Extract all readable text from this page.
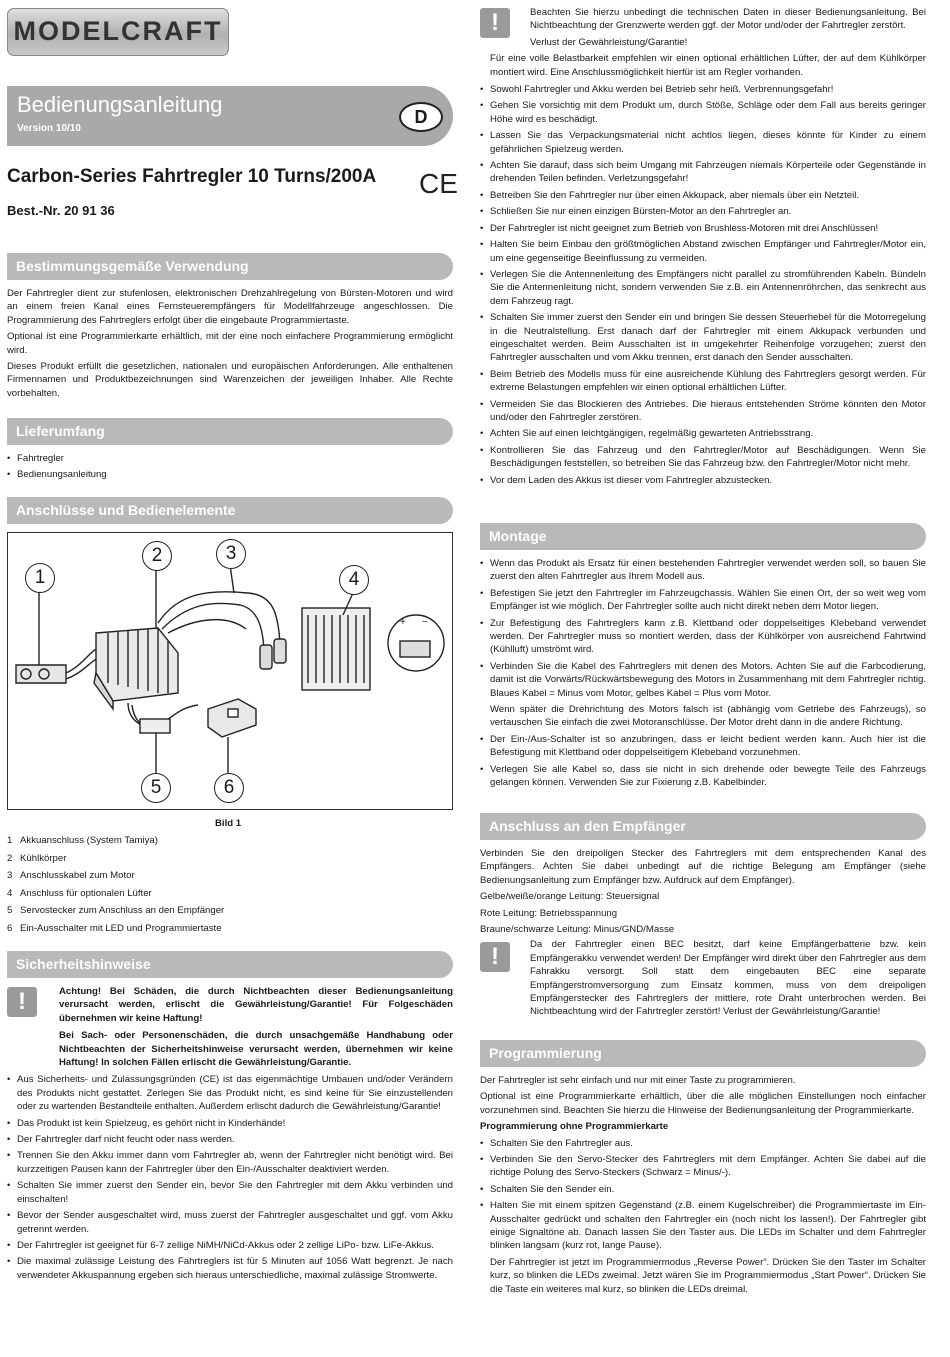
MODELCRAFT
Bedienungsanleitung
Version 10/10
D
Carbon-Series Fahrtregler 10 Turns/200A CE
Best.-Nr. 20 91 36
Bestimmungsgemäße Verwendung

Der Fahrtregler dient zur stufenlosen, elektronischen Drehzahlregelung von Bürsten-Motoren und wird an einem freien Kanal eines Fernsteuerempfängers für Modellfahrzeuge angeschlossen. Die Programmierung des Fahrtreglers erfolgt über die eingebaute Programmiertaste.

Optional ist eine Programmierkarte erhältlich, mit der eine noch einfachere Programmierung ermöglicht wird.

Dieses Produkt erfüllt die gesetzlichen, nationalen und europäischen Anforderungen. Alle enthaltenen Firmennamen und Produktbezeichnungen sind Warenzeichen der jeweiligen Inhaber. Alle Rechte vorbehalten.

Lieferumfang
• Fahrtregler
• Bedienungsanleitung
Anschlüsse und Bedienelemente
+ −
1
2	3
4
5	6
Bild 1
1 Akkuanschluss (System Tamiya)
2 Kühlkörper
3 Anschlusskabel zum Motor
4 Anschluss für optionalen Lüfter
5 Servostecker zum Anschluss an den Empfänger
6 Ein-Ausschalter mit LED und Programmiertaste
Sicherheitshinweise
!	Achtung! Bei Schäden, die durch Nichtbeachten dieser Bedienungsanleitung verursacht werden, erlischt die Gewährleistung/Garantie! Für Folgeschäden übernehmen wir keine Haftung!

Bei Sach- oder Personenschäden, die durch unsachgemäße Handhabung oder Nichtbeachten der Sicherheitshinweise verursacht werden, übernehmen wir keine Haftung! In solchen Fällen erlischt die Gewährleistung/Garantie.

• Aus Sicherheits- und Zulassungsgründen (CE) ist das eigenmächtige Umbauen und/oder Verändern des Produkts nicht gestattet. Zerlegen Sie das Produkt nicht, es sind keine für Sie einzustellenden oder zu wartenden Bestandteile enthalten. Außerdem erlischt dadurch die Gewährleistung/Garantie!
• Das Produkt ist kein Spielzeug, es gehört nicht in Kinderhände!
• Der Fahrtregler darf nicht feucht oder nass werden.
• Trennen Sie den Akku immer dann vom Fahrtregler ab, wenn der Fahrtregler nicht benötigt wird. Bei kurzzeitigen Pausen kann der Fahrtregler über den Ein-/Ausschalter deaktiviert werden.
• Schalten Sie immer zuerst den Sender ein, bevor Sie den Fahrtregler mit dem Akku verbinden und einschalten!
• Bevor der Sender ausgeschaltet wird, muss zuerst der Fahrtregler ausgeschaltet und ggf. vom Akku getrennt werden.
• Der Fahrtregler ist geeignet für 6-7 zellige NiMH/NiCd-Akkus oder 2 zellige LiPo- bzw. LiFe-Akkus.
• Die maximal zulässige Leistung des Fahrtreglers ist für 5 Minuten auf 1056 Watt begrenzt. Je nach verwendeter Akkuspannung ergeben sich hieraus unterschiedliche, maximal zulässige Stromwerte.
!	Beachten Sie hierzu unbedingt die technischen Daten in dieser Bedienungsanleitung. Bei Nichtbeachtung der Grenzwerte werden ggf. der Motor und/oder der Fahrtregler zerstört.

Verlust der Gewährleistung/Garantie!

Für eine volle Belastbarkeit empfehlen wir einen optional erhältlichen Lüfter, der auf dem Kühlkörper montiert wird. Eine Anschlussmöglichkeit hierfür ist am Regler vorhanden.

• Sowohl Fahrtregler und Akku werden bei Betrieb sehr heiß. Verbrennungsgefahr!
• Gehen Sie vorsichtig mit dem Produkt um, durch Stöße, Schläge oder dem Fall aus bereits geringer Höhe wird es beschädigt.
• Lassen Sie das Verpackungsmaterial nicht achtlos liegen, dieses könnte für Kinder zu einem gefährlichen Spielzeug werden.
• Achten Sie darauf, dass sich beim Umgang mit Fahrzeugen niemals Körperteile oder Gegenstände in drehenden Teilen befinden. Verletzungsgefahr!
• Betreiben Sie den Fahrtregler nur über einen Akkupack, aber niemals über ein Netzteil.
• Schließen Sie nur einen einzigen Bürsten-Motor an den Fahrtregler an.
• Der Fahrtregler ist nicht geeignet zum Betrieb von Brushless-Motoren mit drei Anschlüssen!
• Halten Sie beim Einbau den größtmöglichen Abstand zwischen Empfänger und Fahrtregler/Motor ein, um eine gegenseitige Beeinflussung zu vermeiden.
• Verlegen Sie die Antennenleitung des Empfängers nicht parallel zu stromführenden Kabeln. Bündeln Sie die Antennenleitung nicht, sondern verwenden Sie z.B. ein Antennenröhrchen, das senkrecht aus dem Fahrzeug ragt.
• Schalten Sie immer zuerst den Sender ein und bringen Sie dessen Steuerhebel für die Motorregelung in die Neutralstellung. Erst danach darf der Fahrtregler mit einem Akkupack verbunden und eingeschaltet werden. Beim Ausschalten ist in umgekehrter Reihenfolge vorzugehen; zuerst den Fahrtregler ausschalten und vom Akku trennen, erst danach den Sender ausschalten.
• Beim Betrieb des Modells muss für eine ausreichende Kühlung des Fahrtreglers gesorgt werden. Für extreme Belastungen empfehlen wir einen optional erhältlichen Lüfter.
• Vermeiden Sie das Blockieren des Antriebes. Die hieraus entstehenden Ströme könnten den Motor und/oder den Fahrtregler zerstören.
• Achten Sie auf einen leichtgängigen, regelmäßig gewarteten Antriebsstrang.
• Kontrollieren Sie das Fahrzeug und den Fahrtregler/Motor auf Beschädigungen. Wenn Sie Beschädigungen feststellen, so betreiben Sie das Fahrzeug bzw. den Fahrtregler/Motor nicht mehr.
• Vor dem Laden des Akkus ist dieser vom Fahrtregler abzustecken.
Montage
• Wenn das Produkt als Ersatz für einen bestehenden Fahrtregler verwendet werden soll, so bauen Sie zuerst den alten Fahrtregler aus Ihrem Modell aus.
• Befestigen Sie jetzt den Fahrtregler im Fahrzeugchassis. Wählen Sie einen Ort, der so weit weg vom Empfänger ist wie möglich. Der Fahrtregler sollte auch nicht direkt neben dem Motor liegen.
• Zur Befestigung des Fahrtreglers kann z.B. Klettband oder doppelseitiges Klebeband verwendet werden. Der Fahrtregler muss so montiert werden, dass der Kühlkörper von ausreichend Fahrtwind (Kühlluft) umströmt wird.
• Verbinden Sie die Kabel des Fahrtreglers mit denen des Motors. Achten Sie auf die Farbcodierung, damit ist die Vorwärts/Rückwärtsbewegung des Motors in Zusammenhang mit dem Fahrtregler richtig. Blaues Kabel = Minus vom Motor, gelbes Kabel = Plus vom Motor.

Wenn später die Drehrichtung des Motors falsch ist (abhängig vom Getriebe des Fahrzeugs), so vertauschen Sie einfach die zwei Motoranschlüsse. Der Motor dreht dann in die andere Richtung.

• Der Ein-/Aus-Schalter ist so anzubringen, dass er leicht bedient werden kann. Auch hier ist die Befestigung mit Klettband oder doppelseitigem Klebeband vorzunehmen.
• Verlegen Sie alle Kabel so, dass sie nicht in sich drehende oder bewegte Teile des Fahrzeugs gelangen können. Verwenden Sie zur Fixierung z.B. Kabelbinder.
Anschluss an den Empfänger

Verbinden Sie den dreipoligen Stecker des Fahrtreglers mit dem entsprechenden Kanal des Empfängers. Achten Sie dabei unbedingt auf die richtige Belegung am Empfänger (siehe Bedienungsanleitung zum Empfänger bzw. Aufdruck auf dem Empfänger).

Gelbe/weiße/orange Leitung: Steuersignal

Rote Leitung: Betriebsspannung

Braune/schwarze Leitung: Minus/GND/Masse

!	Da der Fahrtregler einen BEC besitzt, darf keine Empfängerbatterie bzw. kein Empfängerakku verwendet werden! Der Empfänger wird direkt über den Fahrtregler aus dem Fahrakku versorgt. Soll statt dem eingebauten BEC eine separate Empfängerstromversorgung zum Einsatz kommen, muss von dem dreipoligen Empfängerstecker des Fahrtreglers der mittlere, rote Draht unterbrochen werden. Bei Nichtbeachtung wird der Fahrtregler zerstört! Verlust der Gewährleistung/Garantie!

Programmierung

Der Fahrtregler ist sehr einfach und nur mit einer Taste zu programmieren.

Optional ist eine Programmierkarte erhältlich, über die alle möglichen Einstellungen noch einfacher vorzunehmen sind. Beachten Sie hierzu die Hinweise der Bedienungsanleitung der Programmierkarte.

Programmierung ohne Programmierkarte

• Schalten Sie den Fahrtregler aus.
• Verbinden Sie den Servo-Stecker des Fahrtreglers mit dem Empfänger. Achten Sie dabei auf die richtige Polung des Servo-Steckers (Schwarz = Minus/-).
• Schalten Sie den Sender ein.
• Halten Sie mit einem spitzen Gegenstand (z.B. einem Kugelschreiber) die Programmiertaste im Ein-Ausschalter gedrückt und schalten den Fahrtregler ein (noch nicht los lassen!). Der Fahrtregler gibt einige Signaltöne ab. Danach lassen Sie den Taster aus. Die LEDs im Schalter und dem Fahrtregler blinken langsam (kurz rot, lange Pause).

Der Fahrtregler ist jetzt im Programmiermodus „Reverse Power“. Drücken Sie den Taster im Schalter kurz, so blinken die LEDs zweimal. Jetzt wären Sie im Programmiermodus „Start Power“. Drücken Sie die Taste ein weiteres mal kurz, so blinken die LEDs dreimal.
